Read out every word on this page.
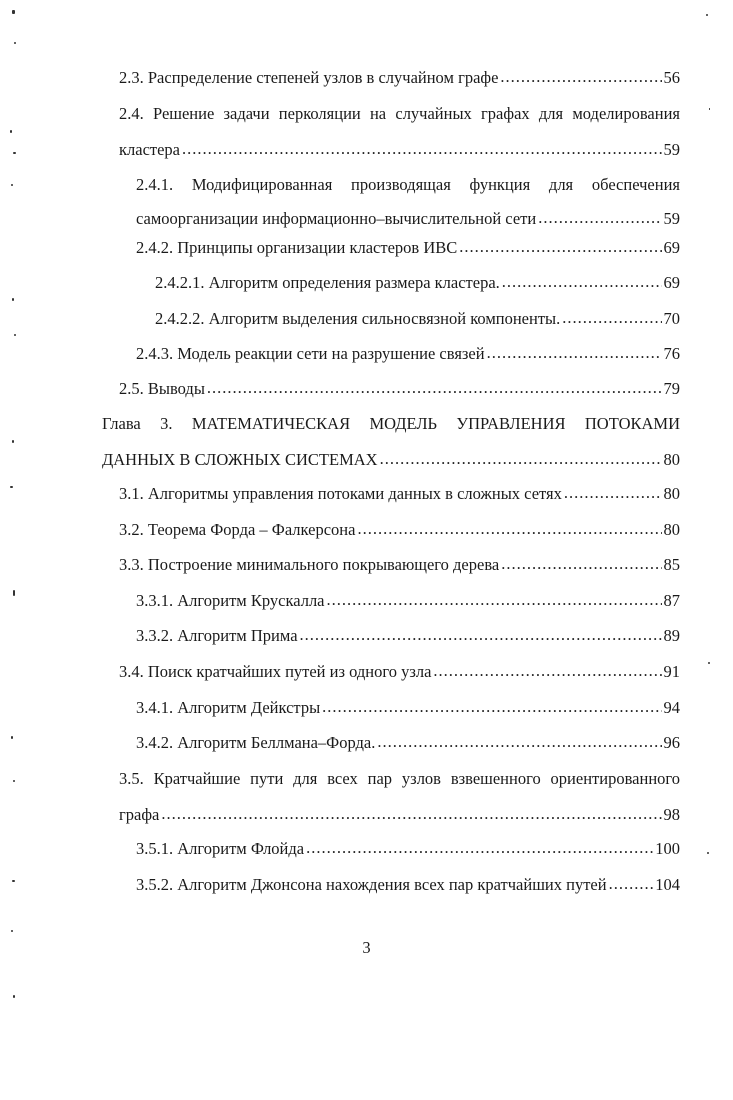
2.3. Распределение степеней узлов в случайном графе .....	56
2.4. Решение задачи перколяции на случайных графах для моделирования
кластера .....	59
2.4.1. Модифицированная производящая функция для обеспечения
самоорганизации информационно–вычислительной сети .....	59
2.4.2. Принципы организации кластеров ИВС .....	69
2.4.2.1. Алгоритм определения размера кластера. .....	69
2.4.2.2. Алгоритм выделения сильносвязной компоненты. .....	70
2.4.3. Модель реакции сети на разрушение связей .....	76
2.5. Выводы .....	79
Глава 3. МАТЕМАТИЧЕСКАЯ МОДЕЛЬ УПРАВЛЕНИЯ ПОТОКАМИ
ДАННЫХ В СЛОЖНЫХ СИСТЕМАХ .....	80
3.1. Алгоритмы управления потоками данных в сложных сетях .....	80
3.2. Теорема Форда – Фалкерсона .....	80
3.3. Построение минимального покрывающего дерева .....	85
3.3.1. Алгоритм Крускалла .....	87
3.3.2. Алгоритм Прима .....	89
3.4. Поиск кратчайших путей из одного узла .....	91
3.4.1. Алгоритм Дейкстры .....	94
3.4.2. Алгоритм Беллмана–Форда. .....	96
3.5. Кратчайшие пути для всех пар узлов взвешенного ориентированного
графа .....	98
3.5.1. Алгоритм Флойда .....	100
3.5.2. Алгоритм Джонсона нахождения всех пар кратчайших путей .....	104
3
